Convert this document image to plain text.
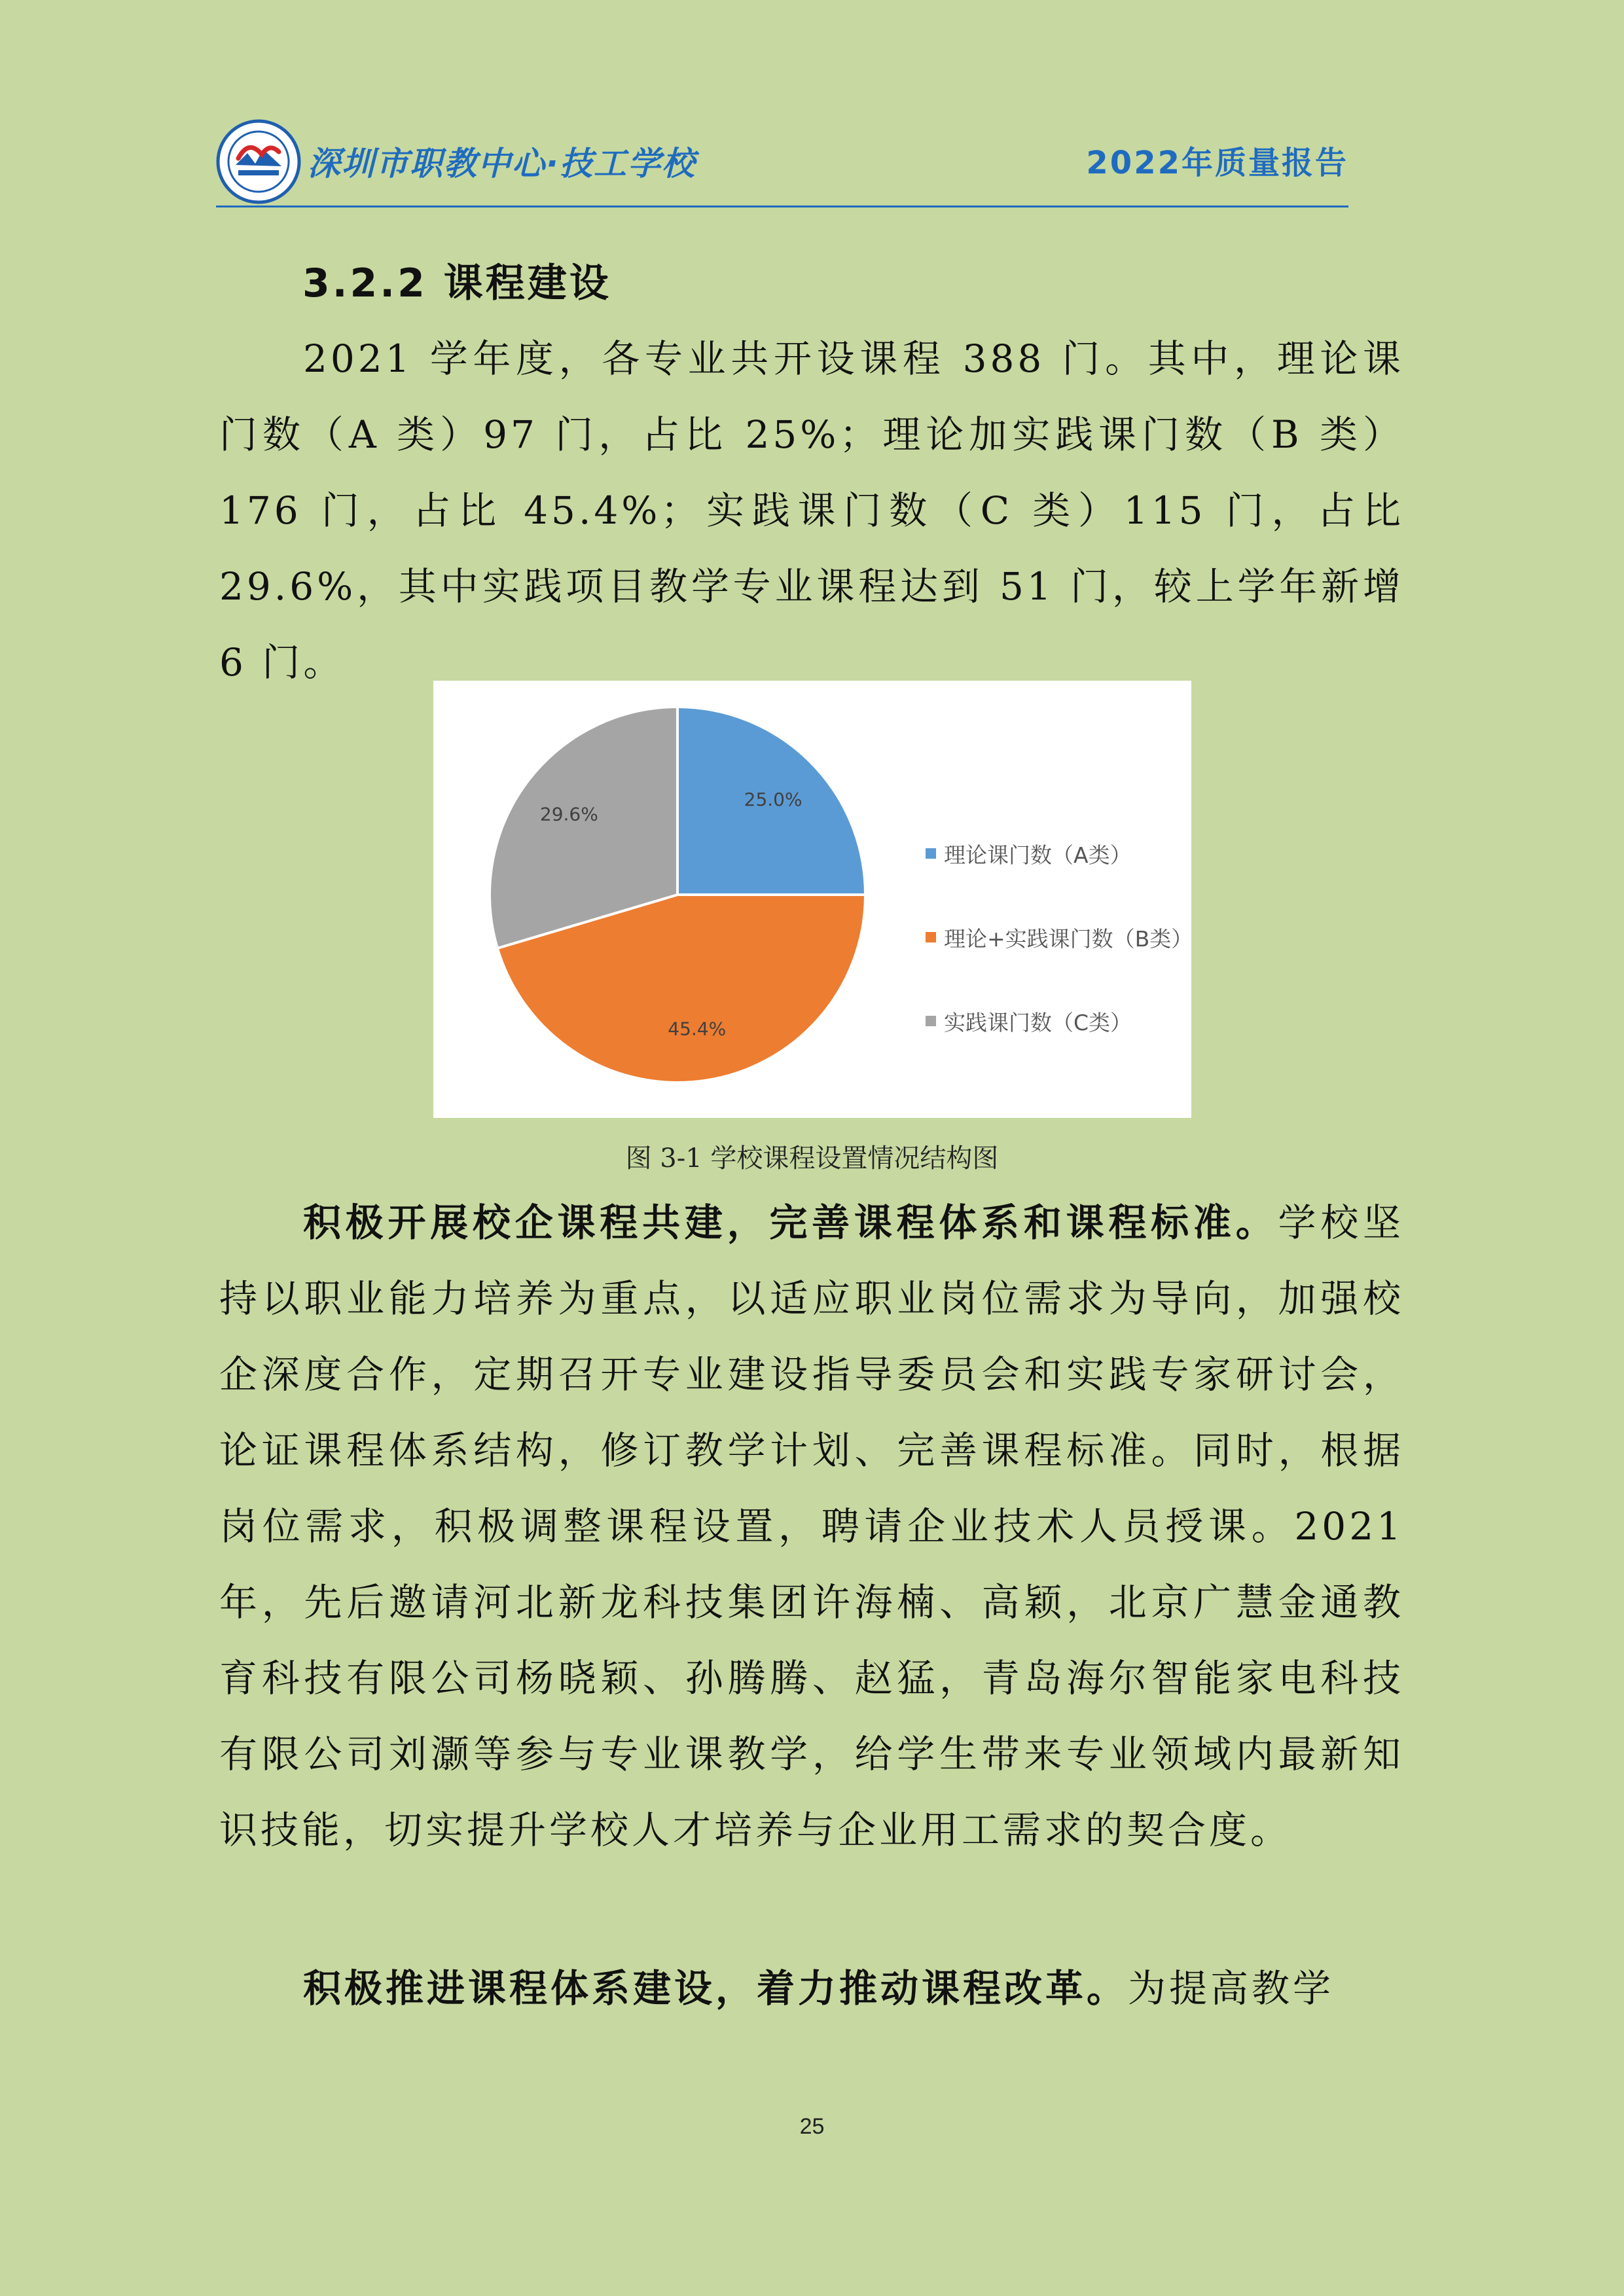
深圳市职教中心·技工学校	2022年质量报告
3.2.2 课程建设

2021 学年度，各专业共开设课程 388 门。其中，理论课门数（A 类）97 门，占比 25%；理论加实践课门数（B 类）176 门，占比 45.4%；实践课门数（C 类）115 门，占比 29.6%，其中实践项目教学专业课程达到 51 门，较上学年新增 6 门。

25.0%
45.4%
29.6%
理论课门数（A类）
理论+实践课门数（B类）
实践课门数（C类）
图 3-1 学校课程设置情况结构图

积极开展校企课程共建，完善课程体系和课程标准。学校坚持以职业能力培养为重点，以适应职业岗位需求为导向，加强校企深度合作，定期召开专业建设指导委员会和实践专家研讨会，论证课程体系结构，修订教学计划、完善课程标准。同时，根据岗位需求，积极调整课程设置，聘请企业技术人员授课。2021 年，先后邀请河北新龙科技集团许海楠、高颖，北京广慧金通教育科技有限公司杨晓颖、孙腾腾、赵猛，青岛海尔智能家电科技有限公司刘灏等参与专业课教学，给学生带来专业领域内最新知识技能，切实提升学校人才培养与企业用工需求的契合度。

积极推进课程体系建设，着力推动课程改革。为提高教学

25
